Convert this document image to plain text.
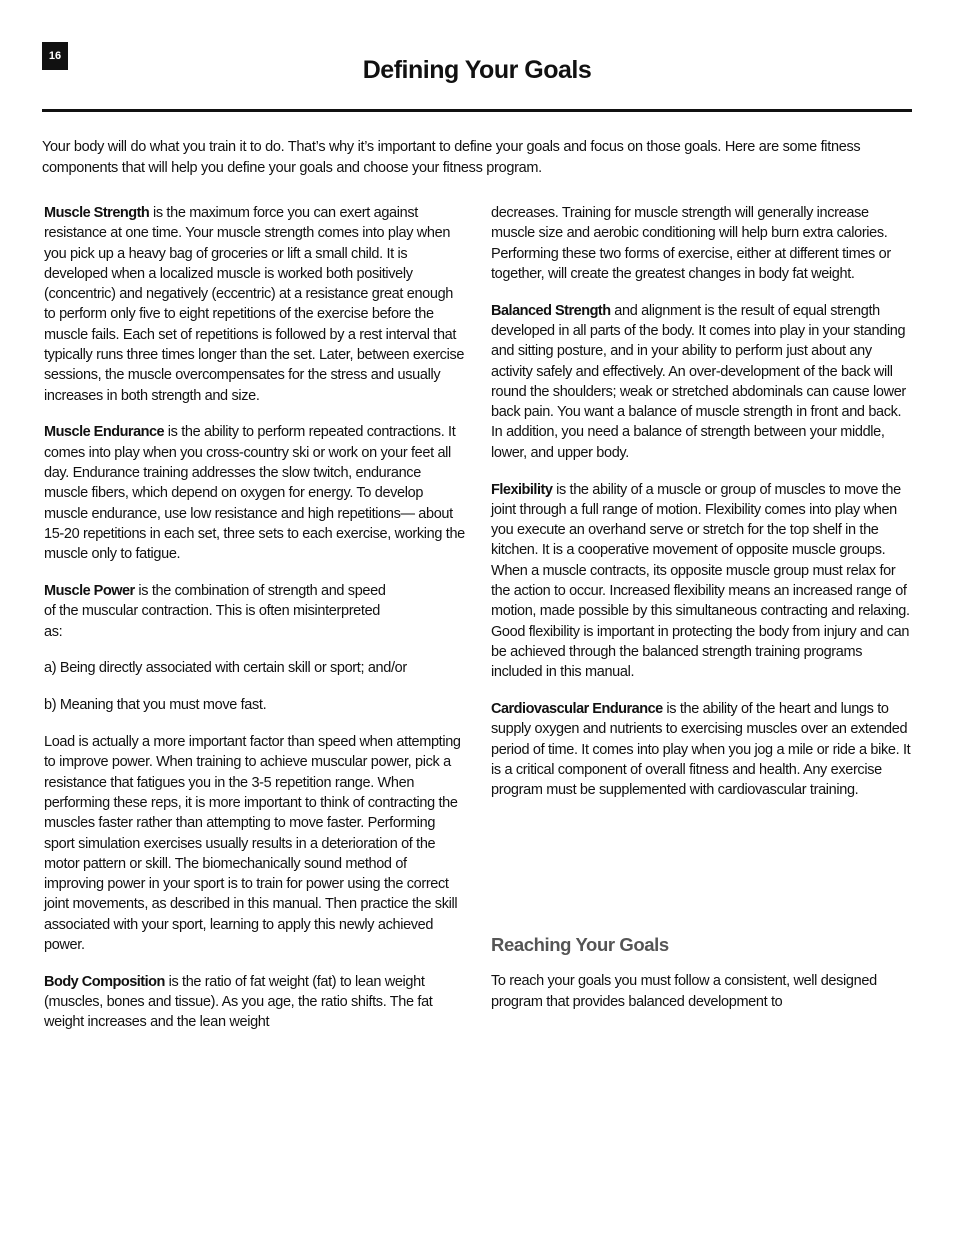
16	Defining Your Goals

Your body will do what you train it to do. That’s why it’s important to define your goals and focus on those goals. Here are some fitness components that will help you define your goals and choose your fitness program.

Muscle Strength is the maximum force you can exert against resistance at one time. Your muscle strength comes into play when you pick up a heavy bag of groceries or lift a small child. It is developed when a localized muscle is worked both positively (concentric) and negatively (eccentric) at a resistance great enough to perform only five to eight repetitions of the exercise before the muscle fails. Each set of repetitions is followed by a rest interval that typically runs three times longer than the set. Later, between exercise sessions, the muscle overcompensates for the stress and usually increases in both strength and size.

Muscle Endurance is the ability to perform repeated contractions. It comes into play when you cross-country ski or work on your feet all day. Endurance training addresses the slow twitch, endurance muscle fibers, which depend on oxygen for energy. To develop muscle endurance, use low resistance and high repetitions— about 15-20 repetitions in each set, three sets to each exercise, working the muscle only to fatigue.

Muscle Power is the combination of strength and speed of the muscular contraction. This is often misinterpreted as:

a) Being directly associated with certain skill or sport; and/or

b) Meaning that you must move fast.

Load is actually a more important factor than speed when attempting to improve power. When training to achieve muscular power, pick a resistance that fatigues you in the 3-5 repetition range. When performing these reps, it is more important to think of contracting the muscles faster rather than attempting to move faster. Performing sport simulation exercises usually results in a deterioration of the motor pattern or skill. The biomechanically sound method of improving power in your sport is to train for power using the correct joint movements, as described in this manual. Then practice the skill associated with your sport, learning to apply this newly achieved power.

Body Composition is the ratio of fat weight (fat) to lean weight (muscles, bones and tissue). As you age, the ratio shifts. The fat weight increases and the lean weight

decreases. Training for muscle strength will generally increase muscle size and aerobic conditioning will help burn extra calories. Performing these two forms of exercise, either at different times or together, will create the greatest changes in body fat weight.

Balanced Strength and alignment is the result of equal strength developed in all parts of the body. It comes into play in your standing and sitting posture, and in your ability to perform just about any activity safely and effectively. An over-development of the back will round the shoulders; weak or stretched abdominals can cause lower back pain. You want a balance of muscle strength in front and back. In addition, you need a balance of strength between your middle, lower, and upper body.

Flexibility is the ability of a muscle or group of muscles to move the joint through a full range of motion. Flexibility comes into play when you execute an overhand serve or stretch for the top shelf in the kitchen. It is a cooperative movement of opposite muscle groups. When a muscle contracts, its opposite muscle group must relax for the action to occur. Increased flexibility means an increased range of motion, made possible by this simultaneous contracting and relaxing. Good flexibility is important in protecting the body from injury and can be achieved through the balanced strength training programs included in this manual.

Cardiovascular Endurance is the ability of the heart and lungs to supply oxygen and nutrients to exercising muscles over an extended period of time. It comes into play when you jog a mile or ride a bike. It is a critical component of overall fitness and health. Any exercise program must be supplemented with cardiovascular training.

Reaching Your Goals

To reach your goals you must follow a consistent, well designed program that provides balanced development to
